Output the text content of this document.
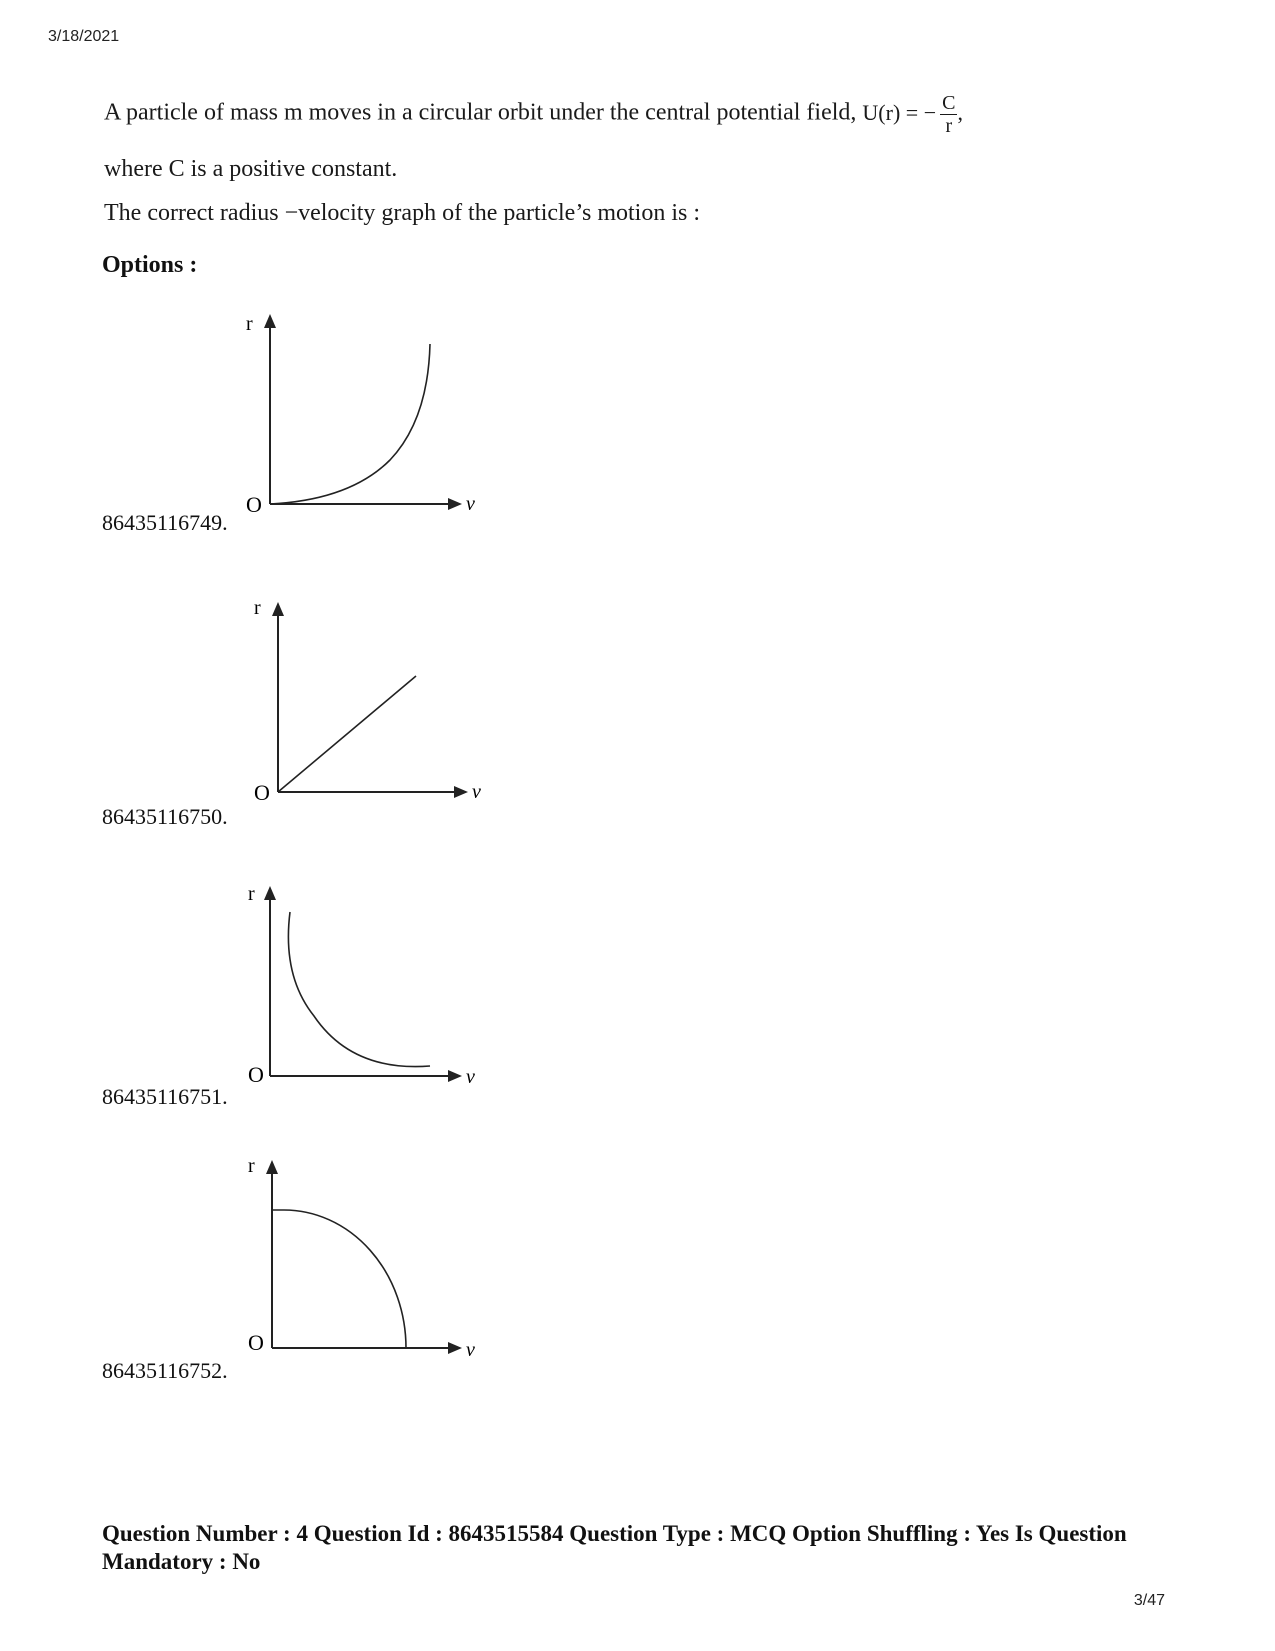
3/18/2021
A particle of mass m moves in a circular orbit under the central potential field, U(r) = − $\frac{C}{r}$ ,
where C is a positive constant.
The correct radius −velocity graph of the particle’s motion is :
Options :
r
v
O
86435116749.
r
v
O
86435116750.
r
v
O
86435116751.
r
v
O
86435116752.
Question Number : 4 Question Id : 8643515584 Question Type : MCQ Option Shuffling : Yes Is Question Mandatory : No
3/47
